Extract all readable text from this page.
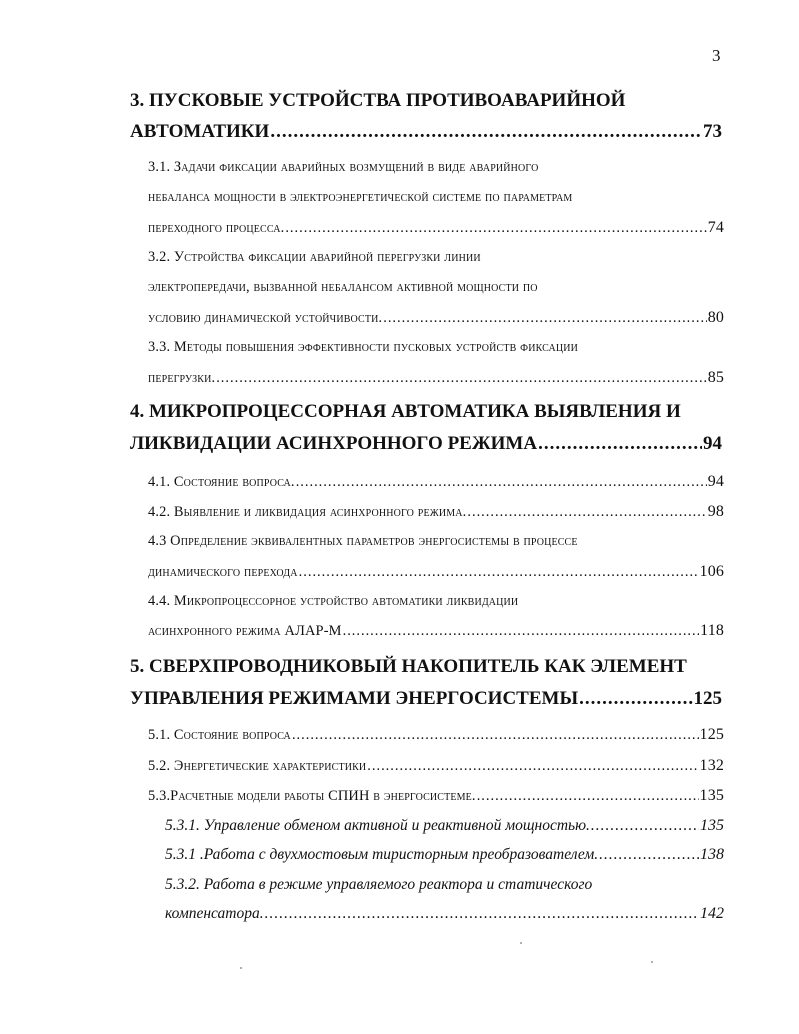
3
3. ПУСКОВЫЕ УСТРОЙСТВА ПРОТИВОАВАРИЙНОЙ
АВТОМАТИКИ .....	73
3.1. Задачи фиксации аварийных возмущений в виде аварийного
небаланса мощности в электроэнергетической системе по параметрам
переходного процесса. .....	74
3.2. Устройства фиксации аварийной перегрузки линии
электропередачи, вызванной небалансом активной мощности по
условию динамической устойчивости. .....	80
3.3. Методы повышения эффективности пусковых устройств фиксации
перегрузки. .....	85
4. МИКРОПРОЦЕССОРНАЯ АВТОМАТИКА ВЫЯВЛЕНИЯ И
ЛИКВИДАЦИИ АСИНХРОННОГО РЕЖИМА .....	94
4.1. Состояние вопроса. .....	94
4.2. Выявление и ликвидация асинхронного режима. .....	98
4.3 Определение эквивалентных параметров энергосистемы в процессе
динамического перехода .....	106
4.4. Микропроцессорное устройство автоматики ликвидации
асинхронного режима АЛАР-М .....	118
5. СВЕРХПРОВОДНИКОВЫЙ НАКОПИТЕЛЬ КАК ЭЛЕМЕНТ
УПРАВЛЕНИЯ РЕЖИМАМИ ЭНЕРГОСИСТЕМЫ .....	125
5.1. Состояние вопроса .....	125
5.2. Энергетические характеристики .....	132
5.3.Расчетные модели работы СПИН в энергосистеме. .....	135
5.3.1. Управление обменом активной и реактивной мощностью. .....	135
5.3.1 .Работа с двухмостовым тиристорным преобразователем. .....	138
5.3.2. Работа в режиме управляемого реактора и статического
компенсатора. .....	142
